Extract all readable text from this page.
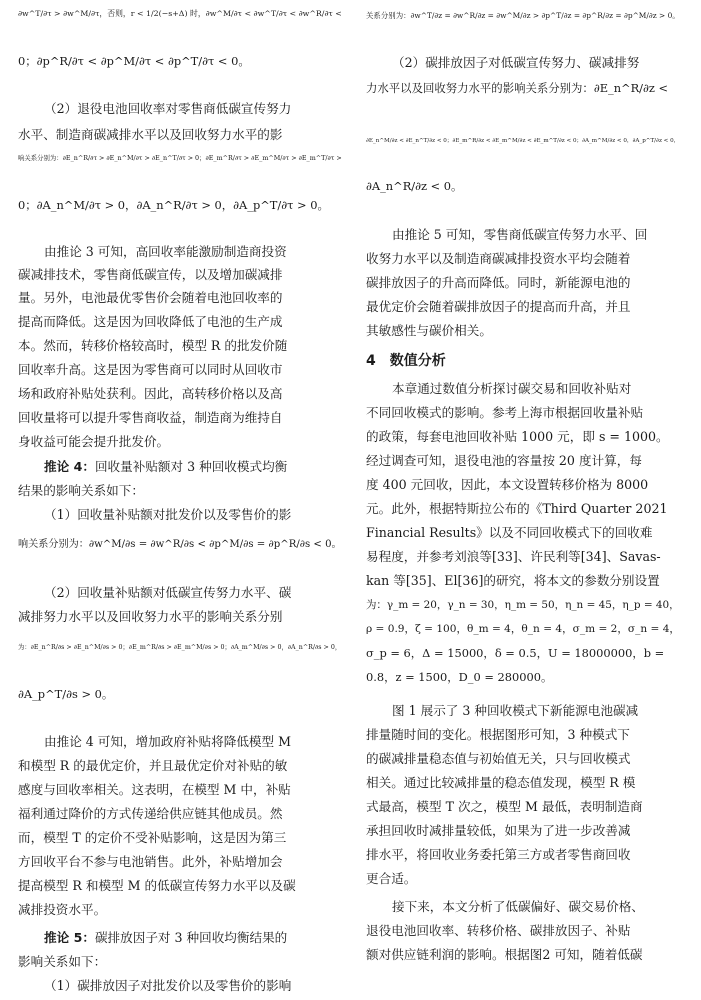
∂w^T/∂τ > ∂w^M/∂τ，否则，r < 1/2(−s+Δ) 时，∂w^M/∂τ < ∂w^T/∂τ < ∂w^R/∂τ <
0；∂p^R/∂τ < ∂p^M/∂τ < ∂p^T/∂τ < 0。
（2）退役电池回收率对零售商低碳宣传努力
水平、制造商碳减排水平以及回收努力水平的影
响关系分别为：∂E_n^R/∂τ > ∂E_n^M/∂τ > ∂E_n^T/∂τ > 0；∂E_m^R/∂τ > ∂E_m^M/∂τ > ∂E_m^T/∂τ >
0；∂A_n^M/∂τ > 0，∂A_n^R/∂τ > 0，∂A_p^T/∂τ > 0。
由推论 3 可知，高回收率能激励制造商投资
碳减排技术，零售商低碳宣传，以及增加碳减排
量。另外，电池最优零售价会随着电池回收率的
提高而降低。这是因为回收降低了电池的生产成
本。然而，转移价格较高时，模型 R 的批发价随
回收率升高。这是因为零售商可以同时从回收市
场和政府补贴处获利。因此，高转移价格以及高
回收量将可以提升零售商收益，制造商为维持自
身收益可能会提升批发价。
推论 4：回收量补贴额对 3 种回收模式均衡
结果的影响关系如下：
（1）回收量补贴额对批发价以及零售价的影
响关系分别为：∂w^M/∂s = ∂w^R/∂s < ∂p^M/∂s = ∂p^R/∂s < 0。
（2）回收量补贴额对低碳宣传努力水平、碳
减排努力水平以及回收努力水平的影响关系分别
为：∂E_n^R/∂s > ∂E_n^M/∂s > 0；∂E_m^R/∂s > ∂E_m^M/∂s > 0；∂A_m^M/∂s > 0，∂A_n^R/∂s > 0，
∂A_p^T/∂s > 0。
由推论 4 可知，增加政府补贴将降低模型 M
和模型 R 的最优定价，并且最优定价对补贴的敏
感度与回收率相关。这表明，在模型 M 中，补贴
福利通过降价的方式传递给供应链其他成员。然
而，模型 T 的定价不受补贴影响，这是因为第三
方回收平台不参与电池销售。此外，补贴增加会
提高模型 R 和模型 M 的低碳宣传努力水平以及碳
减排投资水平。
推论 5：碳排放因子对 3 种回收均衡结果的
影响关系如下：
（1）碳排放因子对批发价以及零售价的影响
关系分别为：∂w^T/∂z = ∂w^R/∂z = ∂w^M/∂z > ∂p^T/∂z = ∂p^R/∂z = ∂p^M/∂z > 0。
（2）碳排放因子对低碳宣传努力、碳减排努
力水平以及回收努力水平的影响关系分别为：∂E_n^R/∂z <
∂E_n^M/∂z < ∂E_n^T/∂z < 0；∂E_m^R/∂z < ∂E_m^M/∂z < ∂E_m^T/∂z < 0；∂A_m^M/∂z < 0，∂A_p^T/∂z < 0，
∂A_n^R/∂z < 0。
由推论 5 可知，零售商低碳宣传努力水平、回
收努力水平以及制造商碳减排投资水平均会随着
碳排放因子的升高而降低。同时，新能源电池的
最优定价会随着碳排放因子的提高而升高，并且
其敏感性与碳价相关。
4　数值分析
本章通过数值分析探讨碳交易和回收补贴对
不同回收模式的影响。参考上海市根据回收量补贴
的政策，每套电池回收补贴 1000 元，即 s = 1000。
经过调查可知，退役电池的容量按 20 度计算，每
度 400 元回收，因此，本文设置转移价格为 8000
元。此外，根据特斯拉公布的《Third Quarter 2021
Financial Results》以及不同回收模式下的回收难
易程度，并参考刘浪等[33]、许民利等[34]、Savas-
kan 等[35]、El[36]的研究，将本文的参数分别设置
为：γ_m = 20，γ_n = 30，η_m = 50，η_n = 45，η_p = 40，
ρ = 0.9，ζ = 100，θ_m = 4，θ_n = 4，σ_m = 2，σ_n = 4，
σ_p = 6，Δ = 15000，δ = 0.5，U = 18000000，b =
0.8，z = 1500，D_0 = 280000。
图 1 展示了 3 种回收模式下新能源电池碳减
排量随时间的变化。根据图形可知，3 种模式下
的碳减排量稳态值与初始值无关，只与回收模式
相关。通过比较减排量的稳态值发现，模型 R 模
式最高，模型 T 次之，模型 M 最低，表明制造商
承担回收时减排量较低，如果为了进一步改善减
排水平，将回收业务委托第三方或者零售商回收
更合适。
接下来，本文分析了低碳偏好、碳交易价格、
退役电池回收率、转移价格、碳排放因子、补贴
额对供应链利润的影响。根据图2 可知，随着低碳
